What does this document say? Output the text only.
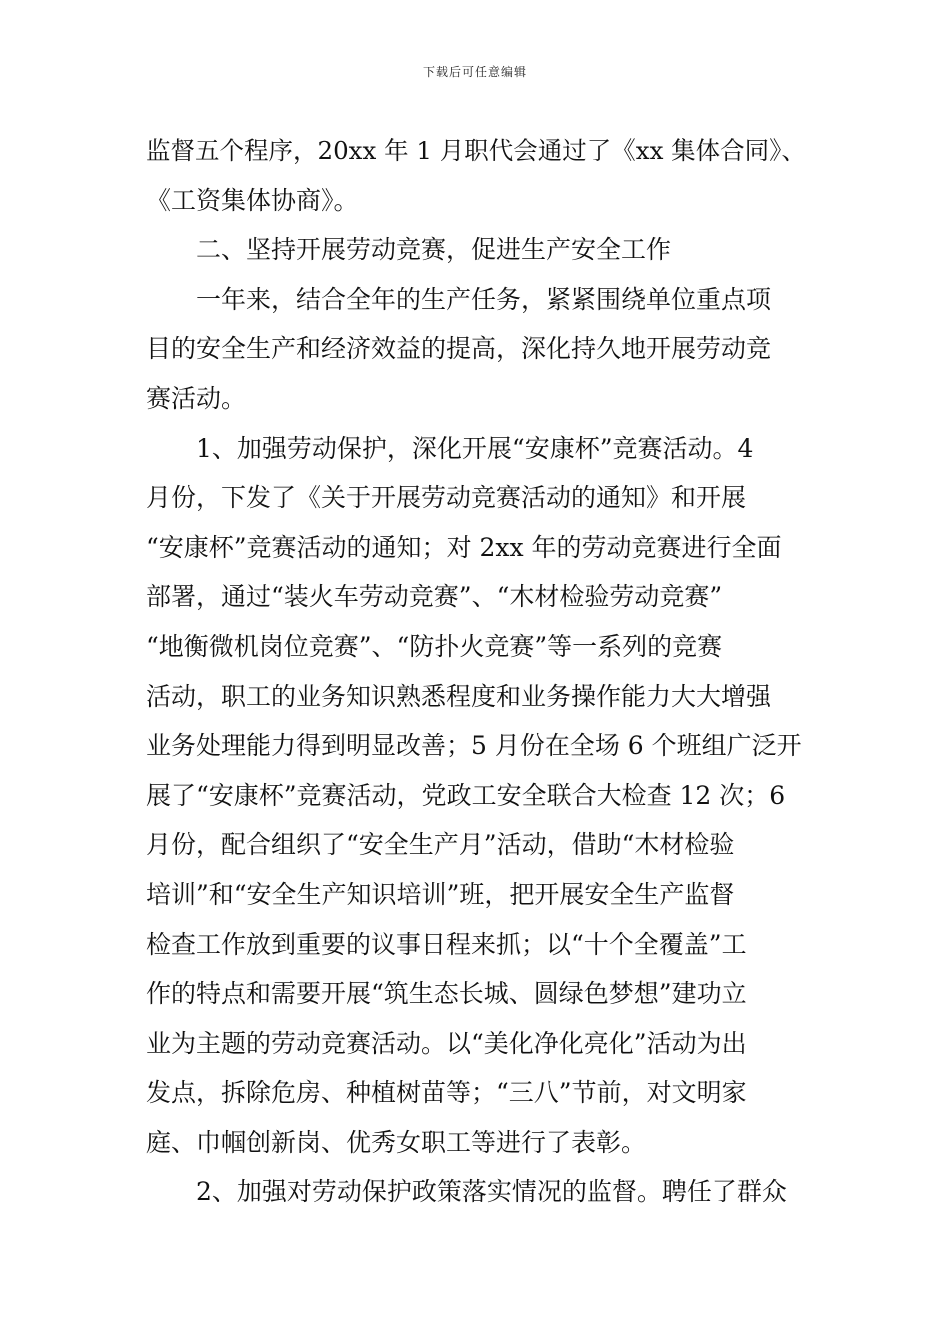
下载后可任意编辑
监督五个程序，20xx 年 1 月职代会通过了《xx 集体合同》、
《工资集体协商》。
二、坚持开展劳动竞赛，促进生产安全工作
一年来，结合全年的生产任务，紧紧围绕单位重点项
目的安全生产和经济效益的提高，深化持久地开展劳动竞
赛活动。
1、加强劳动保护，深化开展“安康杯”竞赛活动。4
月份，下发了《关于开展劳动竞赛活动的通知》和开展
“安康杯”竞赛活动的通知；对 2xx 年的劳动竞赛进行全面
部署，通过“装火车劳动竞赛”、“木材检验劳动竞赛”
“地衡微机岗位竞赛”、“防扑火竞赛”等一系列的竞赛
活动，职工的业务知识熟悉程度和业务操作能力大大增强
业务处理能力得到明显改善；5 月份在全场 6 个班组广泛开
展了“安康杯”竞赛活动，党政工安全联合大检查 12 次；6
月份，配合组织了“安全生产月”活动，借助“木材检验
培训”和“安全生产知识培训”班，把开展安全生产监督
检查工作放到重要的议事日程来抓；以“十个全覆盖”工
作的特点和需要开展“筑生态长城、圆绿色梦想”建功立
业为主题的劳动竞赛活动。以“美化净化亮化”活动为出
发点，拆除危房、种植树苗等；“三八”节前，对文明家
庭、巾帼创新岗、优秀女职工等进行了表彰。
2、加强对劳动保护政策落实情况的监督。聘任了群众
